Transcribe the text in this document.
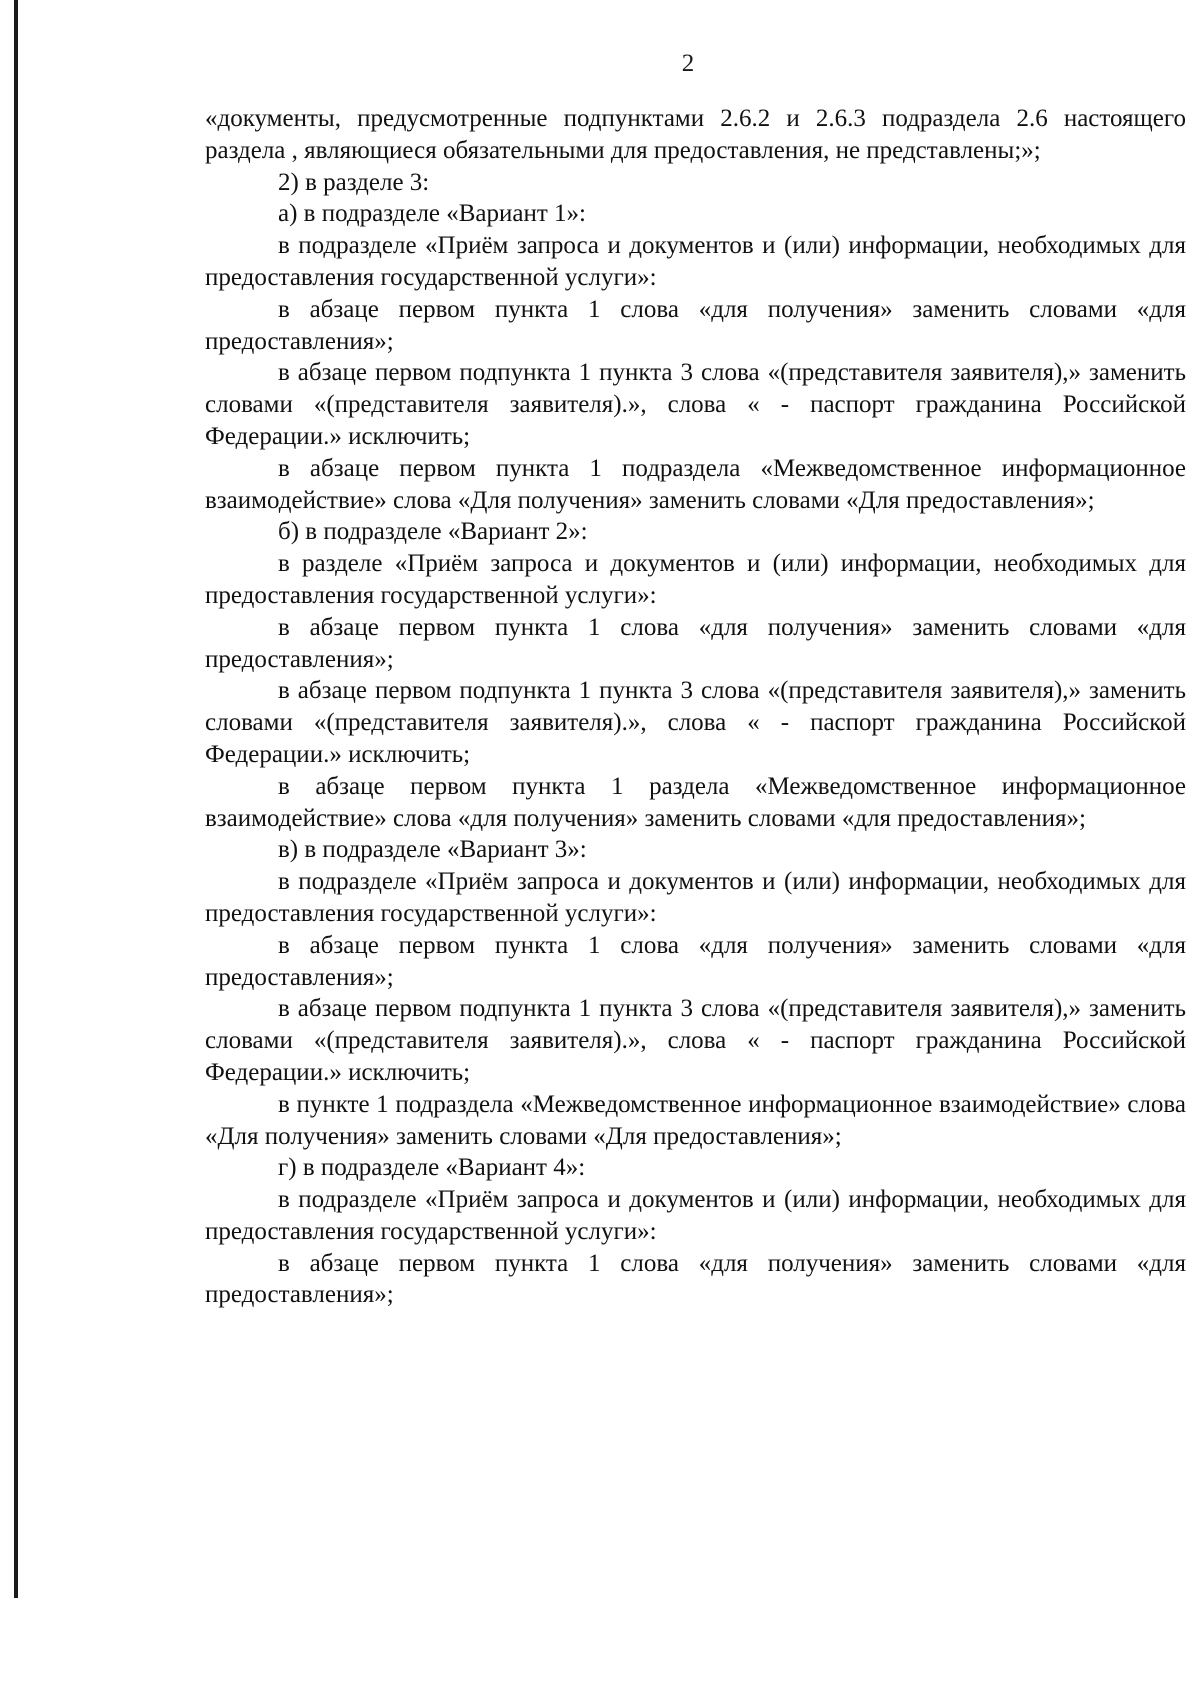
2

«документы, предусмотренные подпунктами 2.6.2 и 2.6.3 подраздела 2.6 настоящего раздела , являющиеся обязательными для предоставления, не представлены;»;

2) в разделе 3:

а) в подразделе «Вариант 1»:

в подразделе «Приём запроса и документов и (или) информации, необходимых для предоставления государственной услуги»:

в абзаце первом пункта 1 слова «для получения» заменить словами «для предоставления»;

в абзаце первом подпункта 1 пункта 3 слова «(представителя заявителя),» заменить словами «(представителя заявителя).», слова « - паспорт гражданина Российской Федерации.» исключить;

в абзаце первом пункта 1 подраздела «Межведомственное информационное взаимодействие» слова «Для получения» заменить словами «Для предоставления»;

б) в подразделе «Вариант 2»:

в разделе «Приём запроса и документов и (или) информации, необходимых для предоставления государственной услуги»:

в абзаце первом пункта 1 слова «для получения» заменить словами «для предоставления»;

в абзаце первом подпункта 1 пункта 3 слова «(представителя заявителя),» заменить словами «(представителя заявителя).», слова « - паспорт гражданина Российской Федерации.» исключить;

в абзаце первом пункта 1 раздела «Межведомственное информационное взаимодействие» слова «для получения» заменить словами «для предоставления»;

в) в подразделе «Вариант 3»:

в подразделе «Приём запроса и документов и (или) информации, необходимых для предоставления государственной услуги»:

в абзаце первом пункта 1 слова «для получения» заменить словами «для предоставления»;

в абзаце первом подпункта 1 пункта 3 слова «(представителя заявителя),» заменить словами «(представителя заявителя).», слова « - паспорт гражданина Российской Федерации.» исключить;

в пункте 1 подраздела «Межведомственное информационное взаимодействие» слова «Для получения» заменить словами «Для предоставления»;

г) в подразделе «Вариант 4»:

в подразделе «Приём запроса и документов и (или) информации, необходимых для предоставления государственной услуги»:

в абзаце первом пункта 1 слова «для получения» заменить словами «для предоставления»;
